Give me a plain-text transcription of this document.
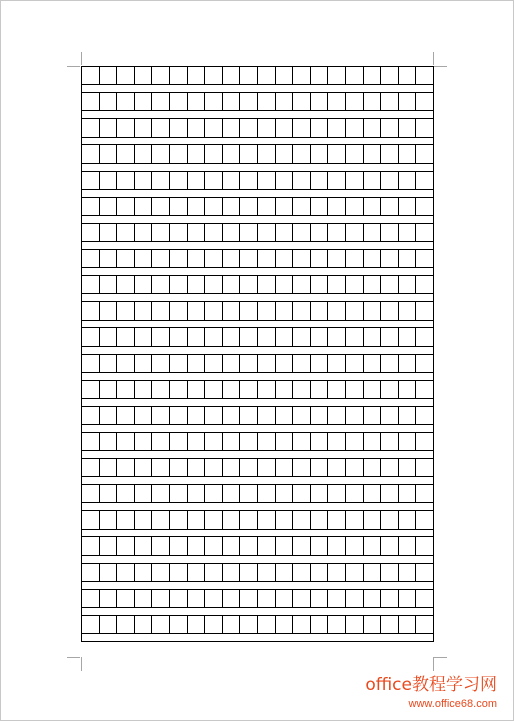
office教程学习网
www.office68.com
